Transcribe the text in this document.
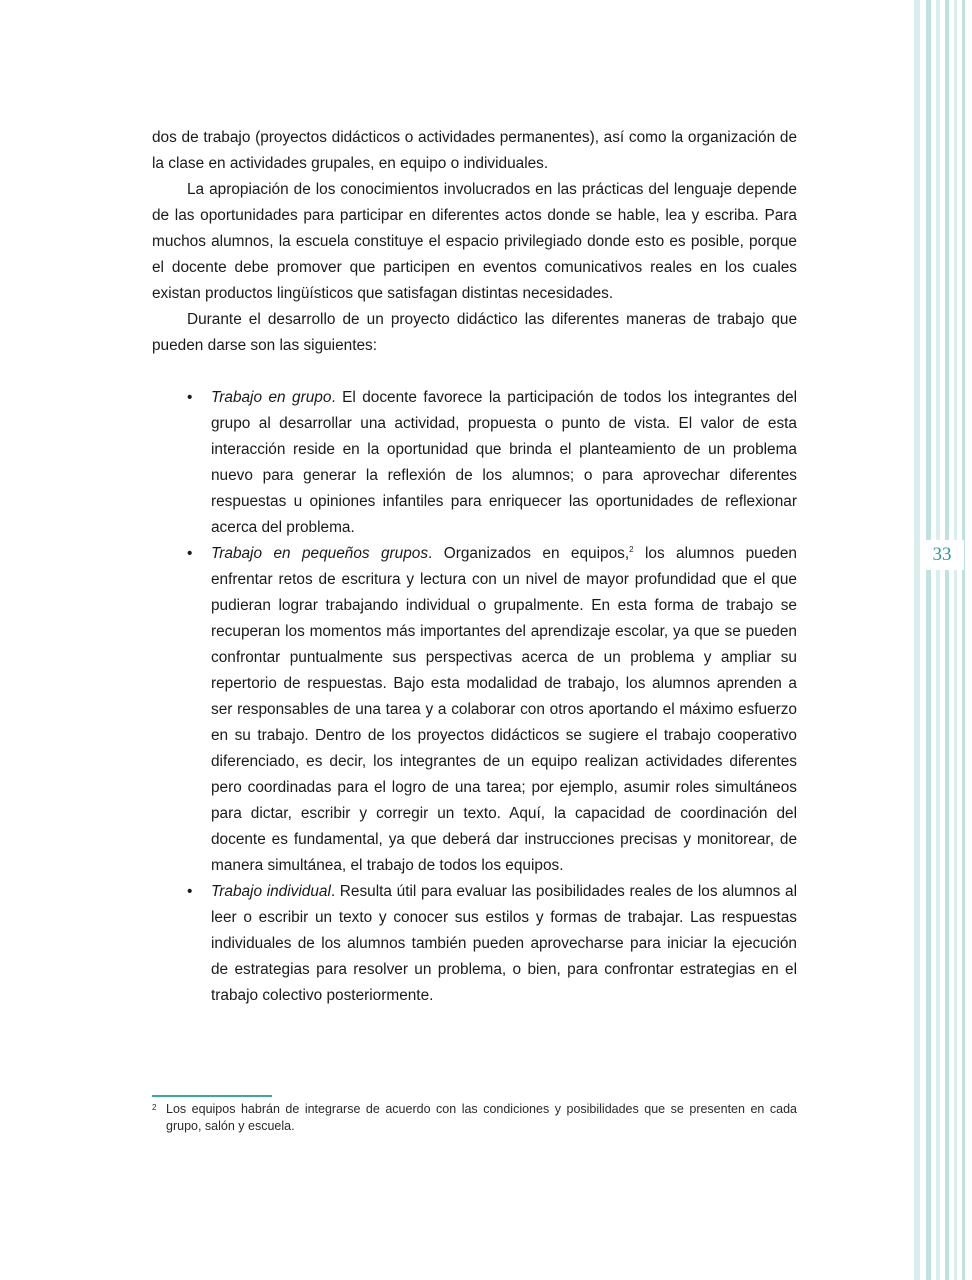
dos de trabajo (proyectos didácticos o actividades permanentes), así como la organización de la clase en actividades grupales, en equipo o individuales.

La apropiación de los conocimientos involucrados en las prácticas del lenguaje depende de las oportunidades para participar en diferentes actos donde se hable, lea y escriba. Para muchos alumnos, la escuela constituye el espacio privilegiado donde esto es posible, porque el docente debe promover que participen en eventos comunicativos reales en los cuales existan productos lingüísticos que satisfagan distintas necesidades.

Durante el desarrollo de un proyecto didáctico las diferentes maneras de trabajo que pueden darse son las siguientes:

• Trabajo en grupo. El docente favorece la participación de todos los integrantes del grupo al desarrollar una actividad, propuesta o punto de vista. El valor de esta interacción reside en la oportunidad que brinda el planteamiento de un problema nuevo para generar la reflexión de los alumnos; o para aprovechar diferentes respuestas u opiniones infantiles para enriquecer las oportunidades de reflexionar acerca del problema.
• Trabajo en pequeños grupos. Organizados en equipos,$^2$ los alumnos pueden enfrentar retos de escritura y lectura con un nivel de mayor profundidad que el que pudieran lograr trabajando individual o grupalmente. En esta forma de trabajo se recuperan los momentos más importantes del aprendizaje escolar, ya que se pueden confrontar puntualmente sus perspectivas acerca de un problema y ampliar su repertorio de respuestas. Bajo esta modalidad de trabajo, los alumnos aprenden a ser responsables de una tarea y a colaborar con otros aportando el máximo esfuerzo en su trabajo. Dentro de los proyectos didácticos se sugiere el trabajo cooperativo diferenciado, es decir, los integrantes de un equipo realizan actividades diferentes pero coordinadas para el logro de una tarea; por ejemplo, asumir roles simultáneos para dictar, escribir y corregir un texto. Aquí, la capacidad de coordinación del docente es fundamental, ya que deberá dar instrucciones precisas y monitorear, de manera simultánea, el trabajo de todos los equipos.
• Trabajo individual. Resulta útil para evaluar las posibilidades reales de los alumnos al leer o escribir un texto y conocer sus estilos y formas de trabajar. Las respuestas individuales de los alumnos también pueden aprovecharse para iniciar la ejecución de estrategias para resolver un problema, o bien, para confrontar estrategias en el trabajo colectivo posteriormente.
2 Los equipos habrán de integrarse de acuerdo con las condiciones y posibilidades que se presenten en cada grupo, salón y escuela.
33
